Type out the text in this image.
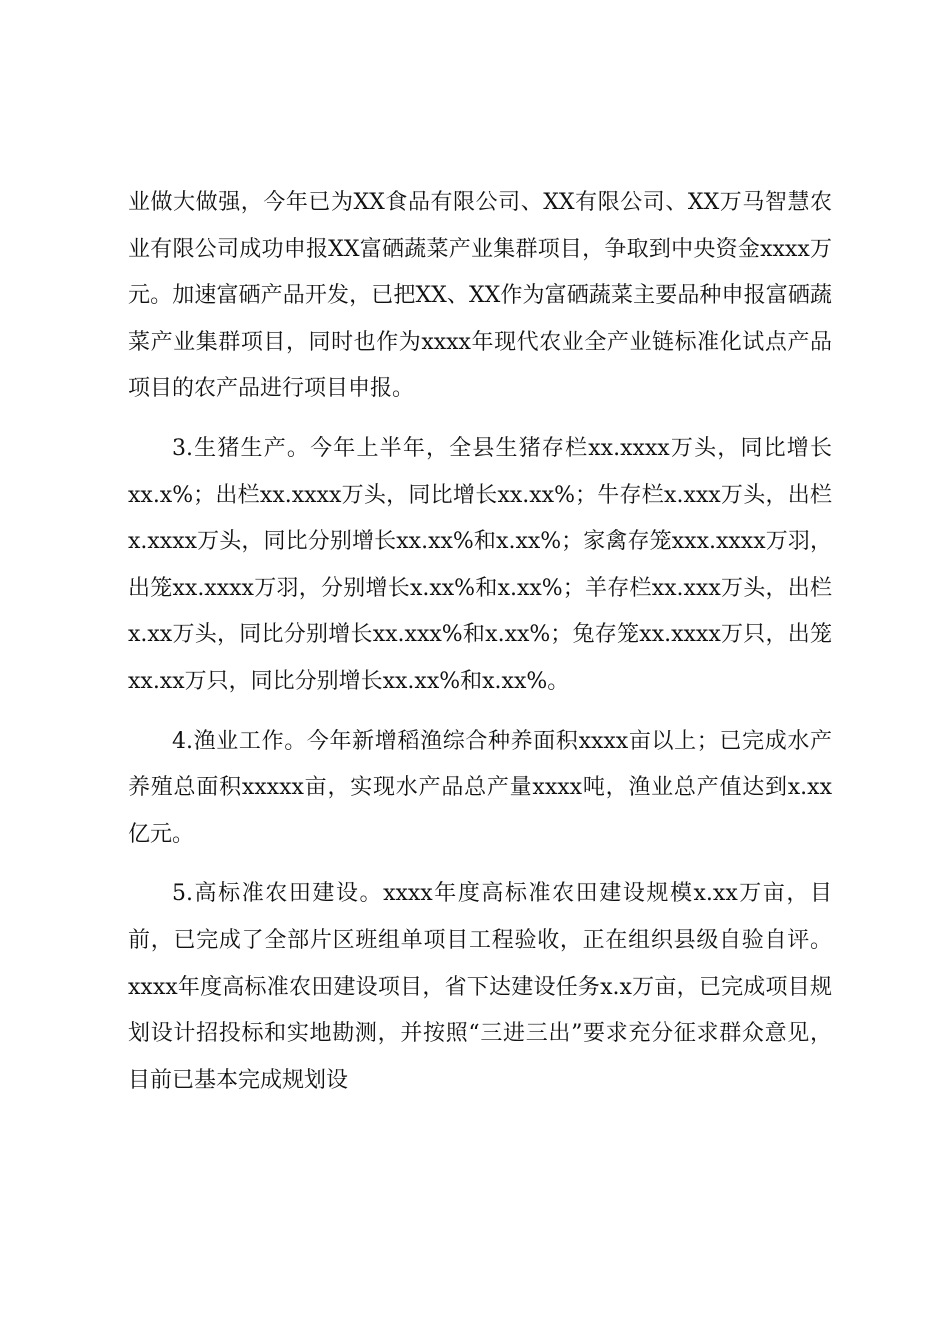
业做大做强，今年已为XX食品有限公司、XX有限公司、XX万马智慧农业有限公司成功申报XX富硒蔬菜产业集群项目，争取到中央资金xxxx万元。加速富硒产品开发，已把XX、XX作为富硒蔬菜主要品种申报富硒蔬菜产业集群项目，同时也作为xxxx年现代农业全产业链标准化试点产品项目的农产品进行项目申报。

3.生猪生产。今年上半年，全县生猪存栏xx.xxxx万头，同比增长xx.x%；出栏xx.xxxx万头，同比增长xx.xx%；牛存栏x.xxx万头，出栏x.xxxx万头，同比分别增长xx.xx%和x.xx%；家禽存笼xxx.xxxx万羽，出笼xx.xxxx万羽，分别增长x.xx%和x.xx%；羊存栏xx.xxx万头，出栏x.xx万头，同比分别增长xx.xxx%和x.xx%；兔存笼xx.xxxx万只，出笼xx.xx万只，同比分别增长xx.xx%和x.xx%。

4.渔业工作。今年新增稻渔综合种养面积xxxx亩以上；已完成水产养殖总面积xxxxx亩，实现水产品总产量xxxx吨，渔业总产值达到x.xx亿元。

5.高标准农田建设。xxxx年度高标准农田建设规模x.xx万亩，目前，已完成了全部片区班组单项目工程验收，正在组织县级自验自评。xxxx年度高标准农田建设项目，省下达建设任务x.x万亩，已完成项目规划设计招投标和实地勘测，并按照“三进三出”要求充分征求群众意见，目前已基本完成规划设
